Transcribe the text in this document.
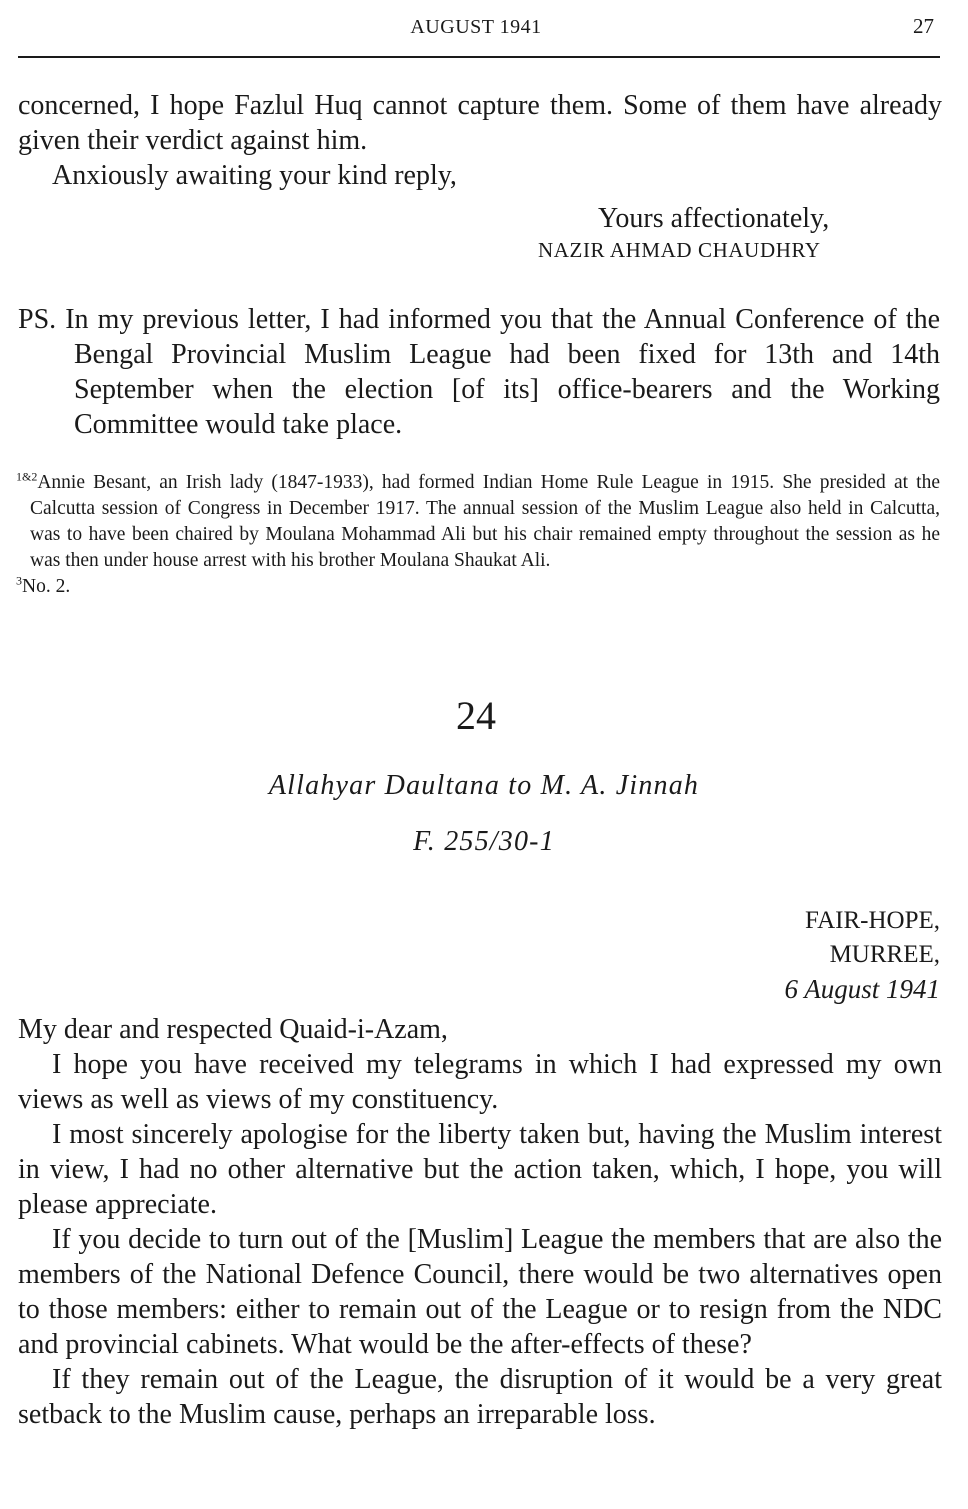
AUGUST 1941	27

concerned, I hope Fazlul Huq cannot capture them. Some of them have already given their verdict against him.

Anxiously awaiting your kind reply,

Yours affectionately,
NAZIR AHMAD CHAUDHRY

PS. In my previous letter, I had informed you that the Annual Conference of the Bengal Provincial Muslim League had been fixed for 13th and 14th September when the election [of its] office-bearers and the Working Committee would take place.

$^{1\&2}$Annie Besant, an Irish lady (1847-1933), had formed Indian Home Rule League in 1915. She presided at the Calcutta session of Congress in December 1917. The annual session of the Muslim League also held in Calcutta, was to have been chaired by Moulana Mohammad Ali but his chair remained empty throughout the session as he was then under house arrest with his brother Moulana Shaukat Ali.

$^3$No. 2.

24
Allahyar Daultana to M. A. Jinnah
F. 255/30-1
FAIR-HOPE,
MURREE,
6 August 1941

My dear and respected Quaid-i-Azam,

I hope you have received my telegrams in which I had expressed my own views as well as views of my constituency.

I most sincerely apologise for the liberty taken but, having the Muslim interest in view, I had no other alternative but the action taken, which, I hope, you will please appreciate.

If you decide to turn out of the [Muslim] League the members that are also the members of the National Defence Council, there would be two alternatives open to those members: either to remain out of the League or to resign from the NDC and provincial cabinets. What would be the after-effects of these?

If they remain out of the League, the disruption of it would be a very great setback to the Muslim cause, perhaps an irreparable loss.
